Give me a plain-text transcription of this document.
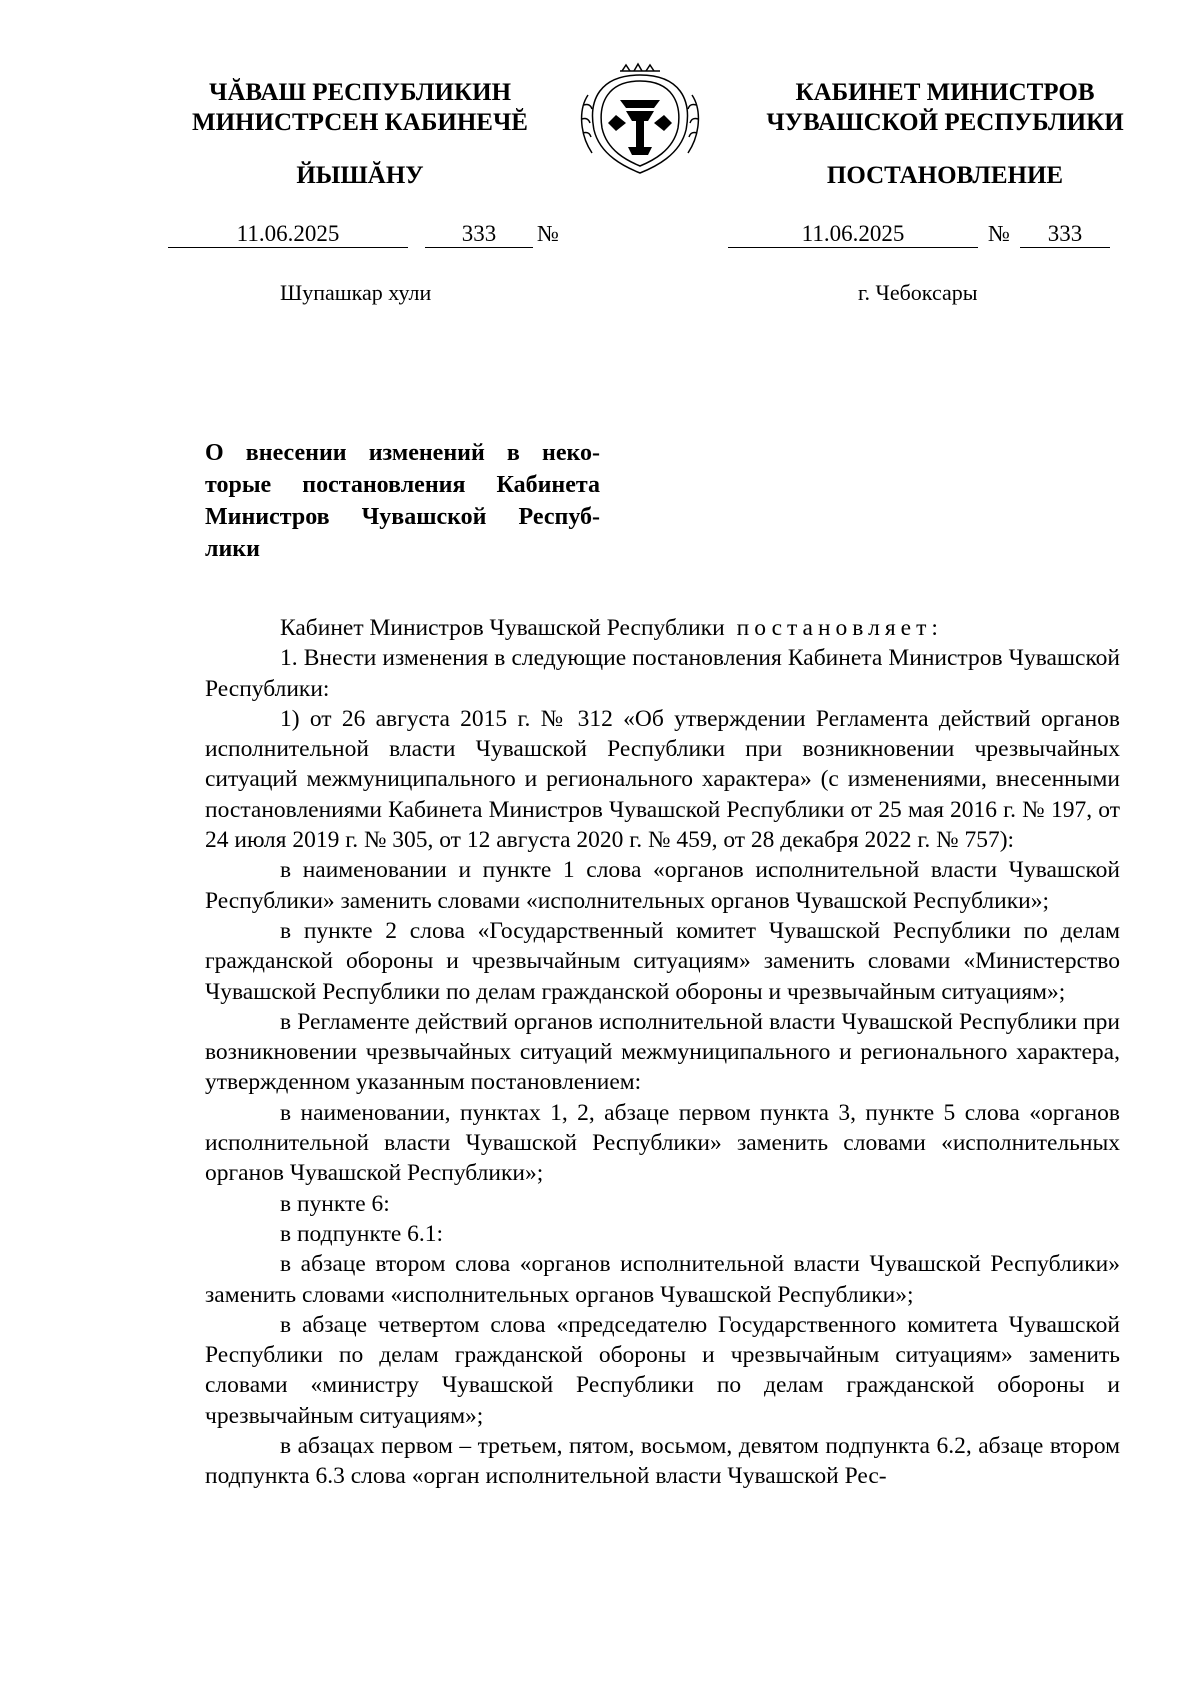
ЧĂВАШ РЕСПУБЛИКИН
МИНИСТРСЕН КАБИНЕЧĔ
ЙЫШĂНУ
КАБИНЕТ МИНИСТРОВ
ЧУВАШСКОЙ РЕСПУБЛИКИ
ПОСТАНОВЛЕНИЕ
11.06.2025	333	№	11.06.2025	№	333
Шупашкар хули	г. Чебоксары
О внесении изменений в неко-
торые постановления Кабинета
Министров Чувашской Респуб-
лики

Кабинет Министров Чувашской Республики постановляет:

1. Внести изменения в следующие постановления Кабинета Министров Чувашской Республики:

1) от 26 августа 2015 г. № 312 «Об утверждении Регламента действий органов исполнительной власти Чувашской Республики при возникновении чрезвычайных ситуаций межмуниципального и регионального характера» (с изменениями, внесенными постановлениями Кабинета Министров Чувашской Республики от 25 мая 2016 г. № 197, от 24 июля 2019 г. № 305, от 12 августа 2020 г. № 459, от 28 декабря 2022 г. № 757):

в наименовании и пункте 1 слова «органов исполнительной власти Чувашской Республики» заменить словами «исполнительных органов Чувашской Республики»;

в пункте 2 слова «Государственный комитет Чувашской Республики по делам гражданской обороны и чрезвычайным ситуациям» заменить словами «Министерство Чувашской Республики по делам гражданской обороны и чрезвычайным ситуациям»;

в Регламенте действий органов исполнительной власти Чувашской Республики при возникновении чрезвычайных ситуаций межмуниципального и регионального характера, утвержденном указанным постановлением:

в наименовании, пунктах 1, 2, абзаце первом пункта 3, пункте 5 слова «органов исполнительной власти Чувашской Республики» заменить словами «исполнительных органов Чувашской Республики»;

в пункте 6:

в подпункте 6.1:

в абзаце втором слова «органов исполнительной власти Чувашской Республики» заменить словами «исполнительных органов Чувашской Республики»;

в абзаце четвертом слова «председателю Государственного комитета Чувашской Республики по делам гражданской обороны и чрезвычайным ситуациям» заменить словами «министру Чувашской Республики по делам гражданской обороны и чрезвычайным ситуациям»;

в абзацах первом – третьем, пятом, восьмом, девятом подпункта 6.2, абзаце втором подпункта 6.3 слова «орган исполнительной власти Чувашской Рес-
